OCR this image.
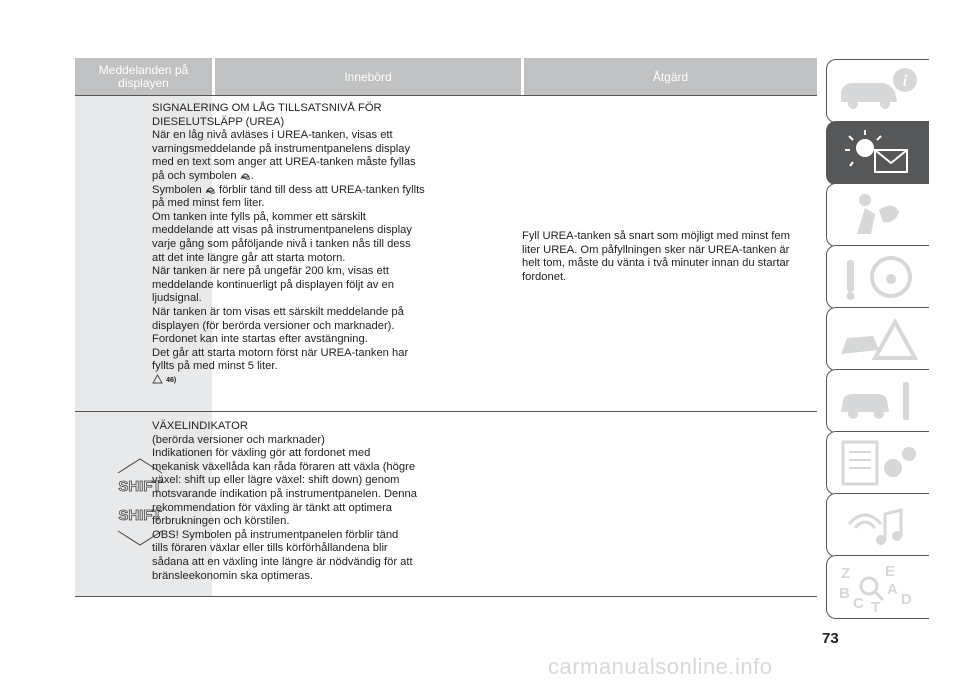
Meddelanden på displayen	Innebörd	Åtgärd

SIGNALERING OM LÅG TILLSATSNIVÅ FÖR

DIESELUTSLÄPP (UREA)

När en låg nivå avläses i UREA-tanken, visas ett

varningsmeddelande på instrumentpanelens display

med en text som anger att UREA-tanken måste fyllas

på och symbolen .

Symbolen förblir tänd till dess att UREA-tanken fyllts

på med minst fem liter.

Om tanken inte fylls på, kommer ett särskilt

meddelande att visas på instrumentpanelens display

varje gång som påföljande nivå i tanken nås till dess

att det inte längre går att starta motorn.

När tanken är nere på ungefär 200 km, visas ett

meddelande kontinuerligt på displayen följt av en

ljudsignal.

När tanken är tom visas ett särskilt meddelande på

displayen (för berörda versioner och marknader).

Fordonet kan inte startas efter avstängning.

Det går att starta motorn först när UREA-tanken har

fyllts på med minst 5 liter.

46)

Fyll UREA-tanken så snart som möjligt med minst fem

liter UREA. Om påfyllningen sker när UREA-tanken är

helt tom, måste du vänta i två minuter innan du startar

fordonet.

SHIFT
SHIFT

VÄXELINDIKATOR

(berörda versioner och marknader)

Indikationen för växling gör att fordonet med

mekanisk växellåda kan råda föraren att växla (högre

växel: shift up eller lägre växel: shift down) genom

motsvarande indikation på instrumentpanelen. Denna

rekommendation för växling är tänkt att optimera

förbrukningen och körstilen.

OBS! Symbolen på instrumentpanelen förblir tänd

tills föraren växlar eller tills körförhållandena blir

sådana att en växling inte längre är nödvändig för att

bränsleekonomin ska optimeras.

i
Z E
B A
C D
T
73
carmanualsonline.info
